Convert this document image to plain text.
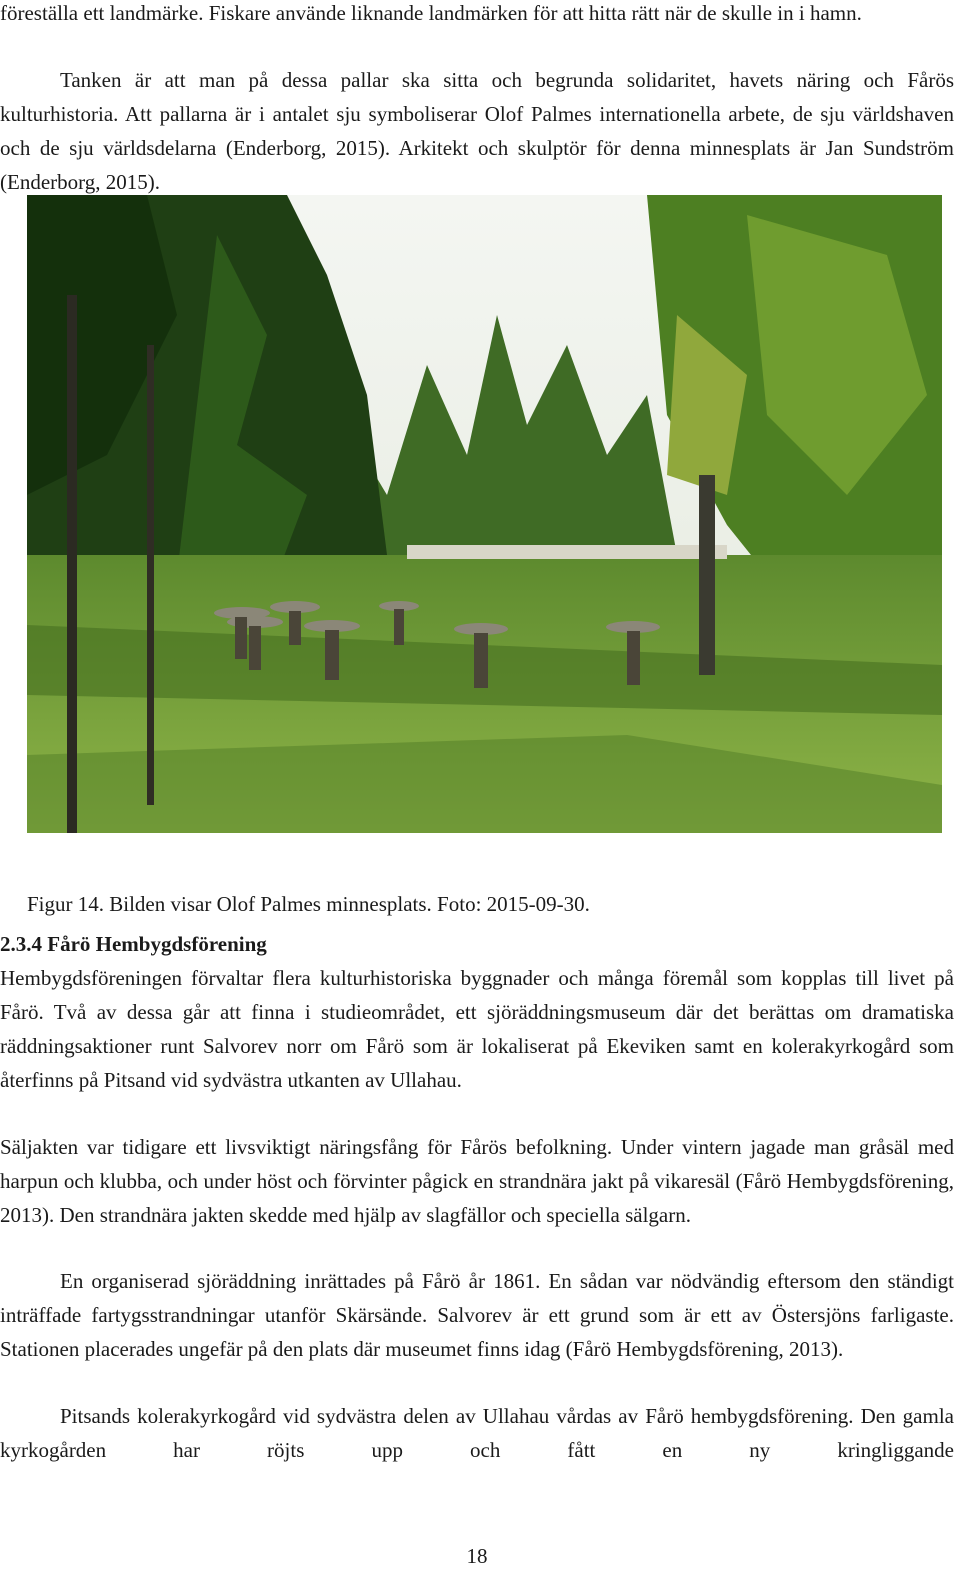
föreställa ett landmärke. Fiskare använde liknande landmärken för att hitta rätt när de skulle in i hamn.

Tanken är att man på dessa pallar ska sitta och begrunda solidaritet, havets näring och Fårös kulturhistoria. Att pallarna är i antalet sju symboliserar Olof Palmes internationella arbete, de sju världshaven och de sju världsdelarna (Enderborg, 2015). Arkitekt och skulptör för denna minnesplats är Jan Sundström (Enderborg, 2015).

Figur 14. Bilden visar Olof Palmes minnesplats. Foto: 2015-09-30.

2.3.4 Fårö Hembygdsförening

Hembygdsföreningen förvaltar flera kulturhistoriska byggnader och många föremål som kopplas till livet på Fårö. Två av dessa går att finna i studieområdet, ett sjöräddningsmuseum där det berättas om dramatiska räddningsaktioner runt Salvorev norr om Fårö som är lokaliserat på Ekeviken samt en kolerakyrkogård som återfinns på Pitsand vid sydvästra utkanten av Ullahau.

Säljakten var tidigare ett livsviktigt näringsfång för Fårös befolkning. Under vintern jagade man gråsäl med harpun och klubba, och under höst och förvinter pågick en strandnära jakt på vikaresäl (Fårö Hembygdsförening, 2013). Den strandnära jakten skedde med hjälp av slagfällor och speciella sälgarn.

En organiserad sjöräddning inrättades på Fårö år 1861. En sådan var nödvändig eftersom den ständigt inträffade fartygsstrandningar utanför Skärsände. Salvorev är ett grund som är ett av Östersjöns farligaste. Stationen placerades ungefär på den plats där museumet finns idag (Fårö Hembygdsförening, 2013).

Pitsands kolerakyrkogård vid sydvästra delen av Ullahau vårdas av Fårö hembygdsförening. Den gamla kyrkogården har röjts upp och fått en ny kringliggande

18
